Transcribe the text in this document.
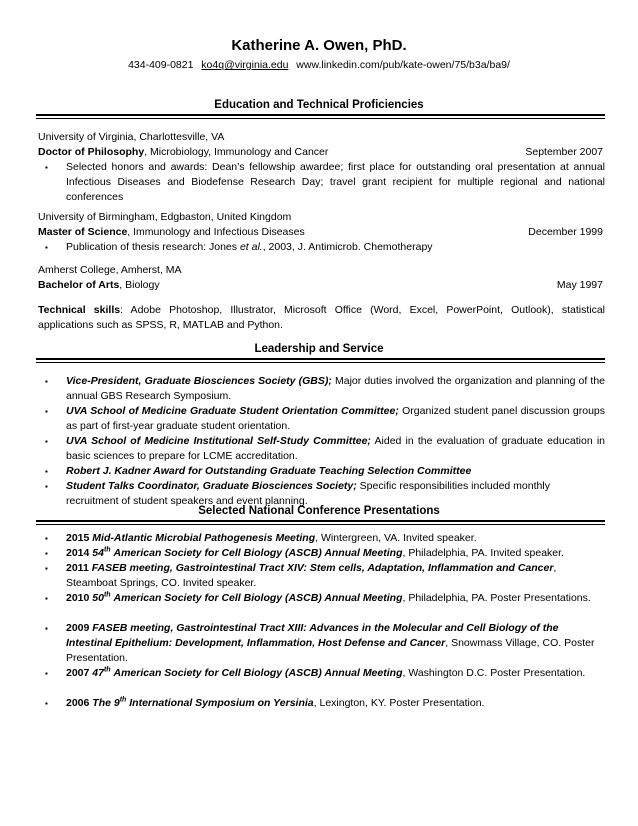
Katherine A. Owen, PhD.
434-409-0821 ko4q@virginia.edu www.linkedin.com/pub/kate-owen/75/b3a/ba9/
Education and Technical Proficiencies
University of Virginia, Charlottesville, VA
Doctor of Philosophy, Microbiology, Immunology and Cancer	September 2007
▪ Selected honors and awards: Dean’s fellowship awardee; first place for outstanding oral presentation at annual Infectious Diseases and Biodefense Research Day; travel grant recipient for multiple regional and national conferences
University of Birmingham, Edgbaston, United Kingdom
Master of Science, Immunology and Infectious Diseases	December 1999
▪ Publication of thesis research: Jones et al., 2003, J. Antimicrob. Chemotherapy
Amherst College, Amherst, MA
Bachelor of Arts, Biology	May 1997
Technical skills: Adobe Photoshop, Illustrator, Microsoft Office (Word, Excel, PowerPoint, Outlook), statistical applications such as SPSS, R, MATLAB and Python.
Leadership and Service
▪ Vice-President, Graduate Biosciences Society (GBS); Major duties involved the organization and planning of the annual GBS Research Symposium.
▪ UVA School of Medicine Graduate Student Orientation Committee; Organized student panel discussion groups as part of first-year graduate student orientation.
▪ UVA School of Medicine Institutional Self-Study Committee; Aided in the evaluation of graduate education in basic sciences to prepare for LCME accreditation.
▪ Robert J. Kadner Award for Outstanding Graduate Teaching Selection Committee
▪ Student Talks Coordinator, Graduate Biosciences Society; Specific responsibilities included monthly recruitment of student speakers and event planning.
Selected National Conference Presentations
▪ 2015 Mid-Atlantic Microbial Pathogenesis Meeting, Wintergreen, VA. Invited speaker.
▪ 2014 54th American Society for Cell Biology (ASCB) Annual Meeting, Philadelphia, PA. Invited speaker.
▪ 2011 FASEB meeting, Gastrointestinal Tract XIV: Stem cells, Adaptation, Inflammation and Cancer, Steamboat Springs, CO. Invited speaker.
▪ 2010 50th American Society for Cell Biology (ASCB) Annual Meeting, Philadelphia, PA. Poster Presentations.
▪ 2009 FASEB meeting, Gastrointestinal Tract XIII: Advances in the Molecular and Cell Biology of the Intestinal Epithelium: Development, Inflammation, Host Defense and Cancer, Snowmass Village, CO. Poster Presentation.
▪ 2007 47th American Society for Cell Biology (ASCB) Annual Meeting, Washington D.C. Poster Presentation.
▪ 2006 The 9th International Symposium on Yersinia, Lexington, KY. Poster Presentation.
